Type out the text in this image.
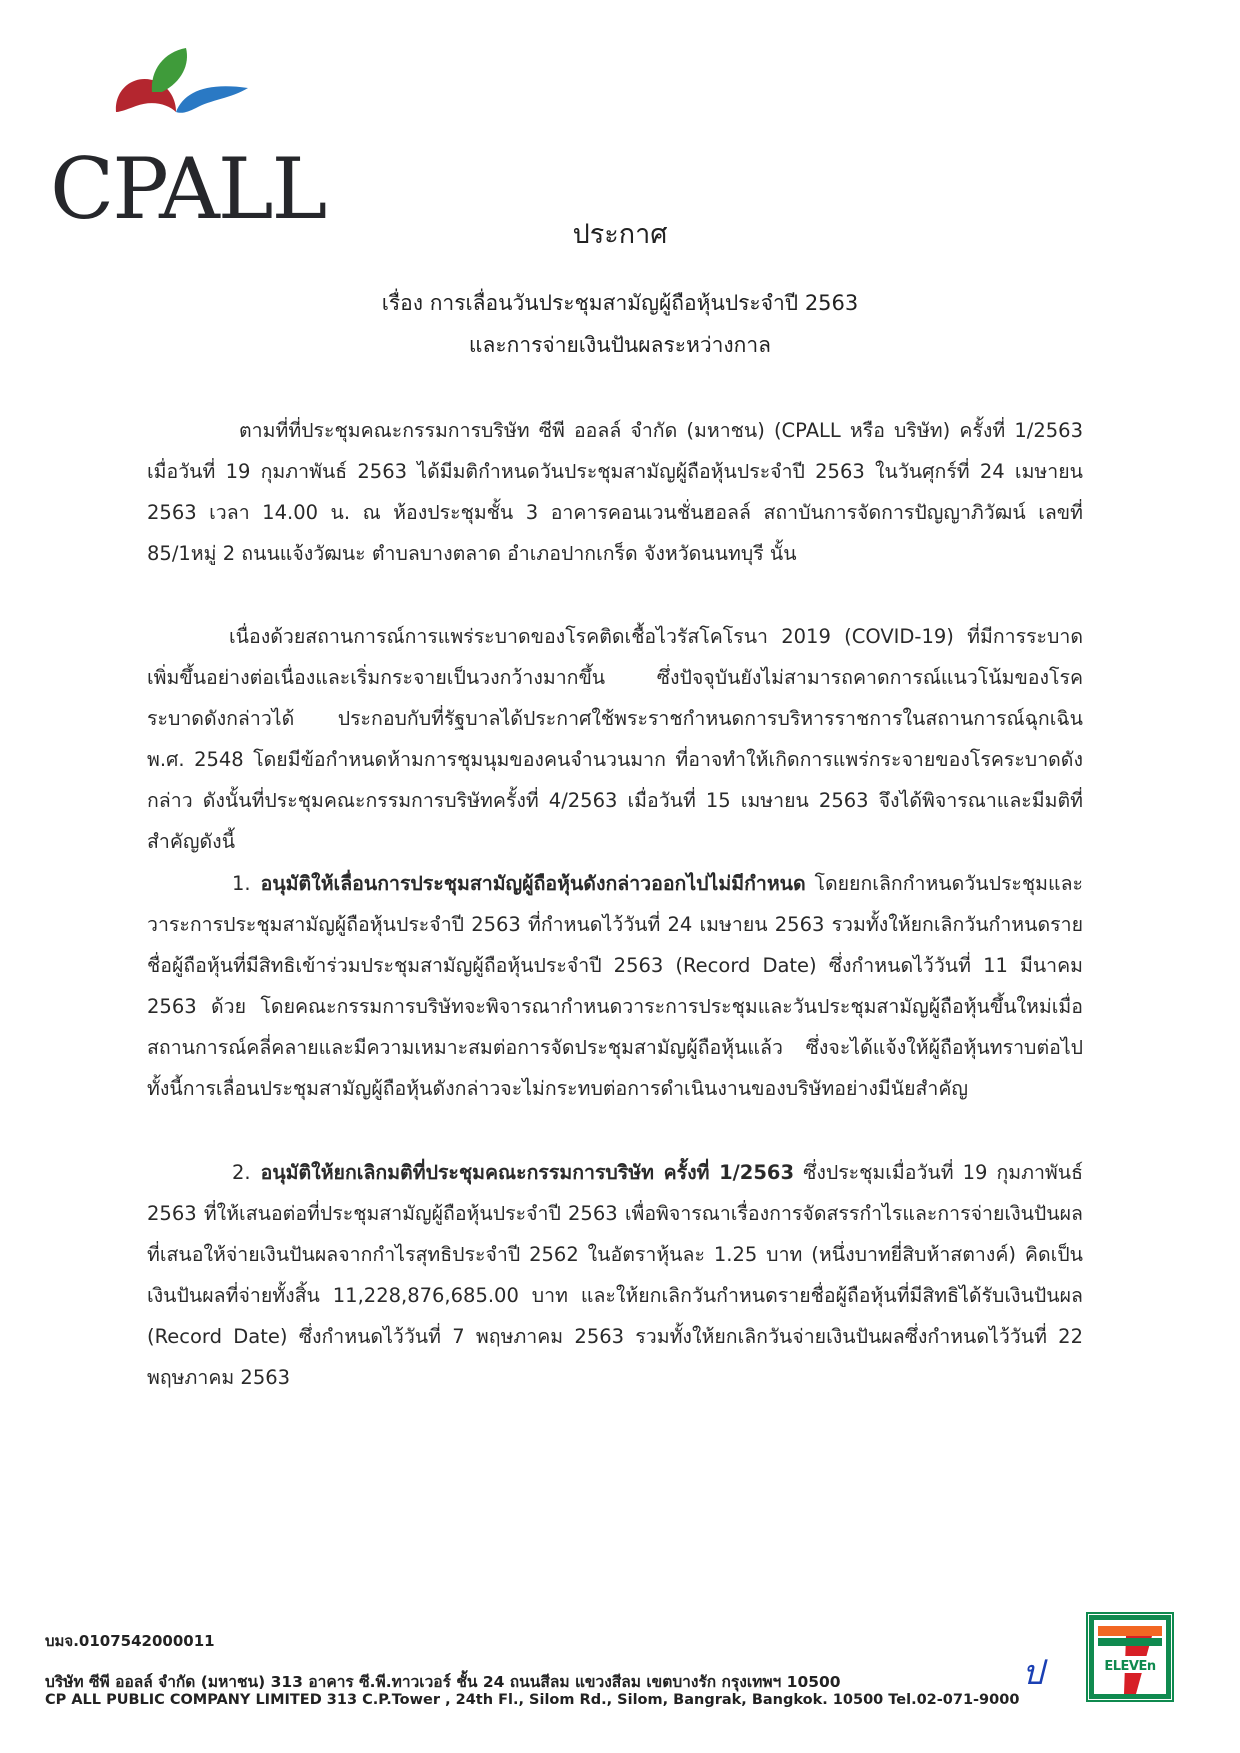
CPALL	ประกาศ
เรื่อง การเลื่อนวันประชุมสามัญผู้ถือหุ้นประจำปี 2563
และการจ่ายเงินปันผลระหว่างกาล

ตามที่ที่ประชุมคณะกรรมการบริษัท ซีพี ออลล์ จำกัด (มหาชน) (CPALL หรือ บริษัท) ครั้งที่ 1/2563 เมื่อวันที่ 19 กุมภาพันธ์ 2563 ได้มีมติกำหนดวันประชุมสามัญผู้ถือหุ้นประจำปี 2563 ในวันศุกร์ที่ 24 เมษายน 2563 เวลา 14.00 น. ณ ห้องประชุมชั้น 3 อาคารคอนเวนชั่นฮอลล์ สถาบันการจัดการปัญญาภิวัฒน์ เลขที่ 85/1หมู่ 2 ถนนแจ้งวัฒนะ ตำบลบางตลาด อำเภอปากเกร็ด จังหวัดนนทบุรี นั้น

เนื่องด้วยสถานการณ์การแพร่ระบาดของโรคติดเชื้อไวรัสโคโรนา 2019 (COVID-19) ที่มีการระบาดเพิ่มขึ้นอย่างต่อเนื่องและเริ่มกระจายเป็นวงกว้างมากขึ้น ซึ่งปัจจุบันยังไม่สามารถคาดการณ์แนวโน้มของโรคระบาดดังกล่าวได้ ประกอบกับที่รัฐบาลได้ประกาศใช้พระราชกำหนดการบริหารราชการในสถานการณ์ฉุกเฉิน พ.ศ. 2548 โดยมีข้อกำหนดห้ามการชุมนุมของคนจำนวนมาก ที่อาจทำให้เกิดการแพร่กระจายของโรคระบาดดังกล่าว ดังนั้นที่ประชุมคณะกรรมการบริษัทครั้งที่ 4/2563 เมื่อวันที่ 15 เมษายน 2563 จึงได้พิจารณาและมีมติที่สำคัญดังนี้

1. อนุมัติให้เลื่อนการประชุมสามัญผู้ถือหุ้นดังกล่าวออกไปไม่มีกำหนด โดยยกเลิกกำหนดวันประชุมและวาระการประชุมสามัญผู้ถือหุ้นประจำปี 2563 ที่กำหนดไว้วันที่ 24 เมษายน 2563 รวมทั้งให้ยกเลิกวันกำหนดรายชื่อผู้ถือหุ้นที่มีสิทธิเข้าร่วมประชุมสามัญผู้ถือหุ้นประจำปี 2563 (Record Date) ซึ่งกำหนดไว้วันที่ 11 มีนาคม 2563 ด้วย โดยคณะกรรมการบริษัทจะพิจารณากำหนดวาระการประชุมและวันประชุมสามัญผู้ถือหุ้นขึ้นใหม่เมื่อสถานการณ์คลี่คลายและมีความเหมาะสมต่อการจัดประชุมสามัญผู้ถือหุ้นแล้ว ซึ่งจะได้แจ้งให้ผู้ถือหุ้นทราบต่อไป ทั้งนี้การเลื่อนประชุมสามัญผู้ถือหุ้นดังกล่าวจะไม่กระทบต่อการดำเนินงานของบริษัทอย่างมีนัยสำคัญ

2. อนุมัติให้ยกเลิกมติที่ประชุมคณะกรรมการบริษัท ครั้งที่ 1/2563 ซึ่งประชุมเมื่อวันที่ 19 กุมภาพันธ์ 2563 ที่ให้เสนอต่อที่ประชุมสามัญผู้ถือหุ้นประจำปี 2563 เพื่อพิจารณาเรื่องการจัดสรรกำไรและการจ่ายเงินปันผลที่เสนอให้จ่ายเงินปันผลจากกำไรสุทธิประจำปี 2562 ในอัตราหุ้นละ 1.25 บาท (หนึ่งบาทยี่สิบห้าสตางค์) คิดเป็นเงินปันผลที่จ่ายทั้งสิ้น 11,228,876,685.00 บาท และให้ยกเลิกวันกำหนดรายชื่อผู้ถือหุ้นที่มีสิทธิได้รับเงินปันผล (Record Date) ซึ่งกำหนดไว้วันที่ 7 พฤษภาคม 2563 รวมทั้งให้ยกเลิกวันจ่ายเงินปันผลซึ่งกำหนดไว้วันที่ 22 พฤษภาคม 2563

บมจ.0107542000011
บริษัท ซีพี ออลล์ จำกัด (มหาชน) 313 อาคาร ซี.พี.ทาวเวอร์ ชั้น 24 ถนนสีลม แขวงสีลม เขตบางรัก กรุงเทพฯ 10500
CP ALL PUBLIC COMPANY LIMITED 313 C.P.Tower , 24th Fl., Silom Rd., Silom, Bangrak, Bangkok. 10500 Tel.02-071-9000
ป	ELEVEn
